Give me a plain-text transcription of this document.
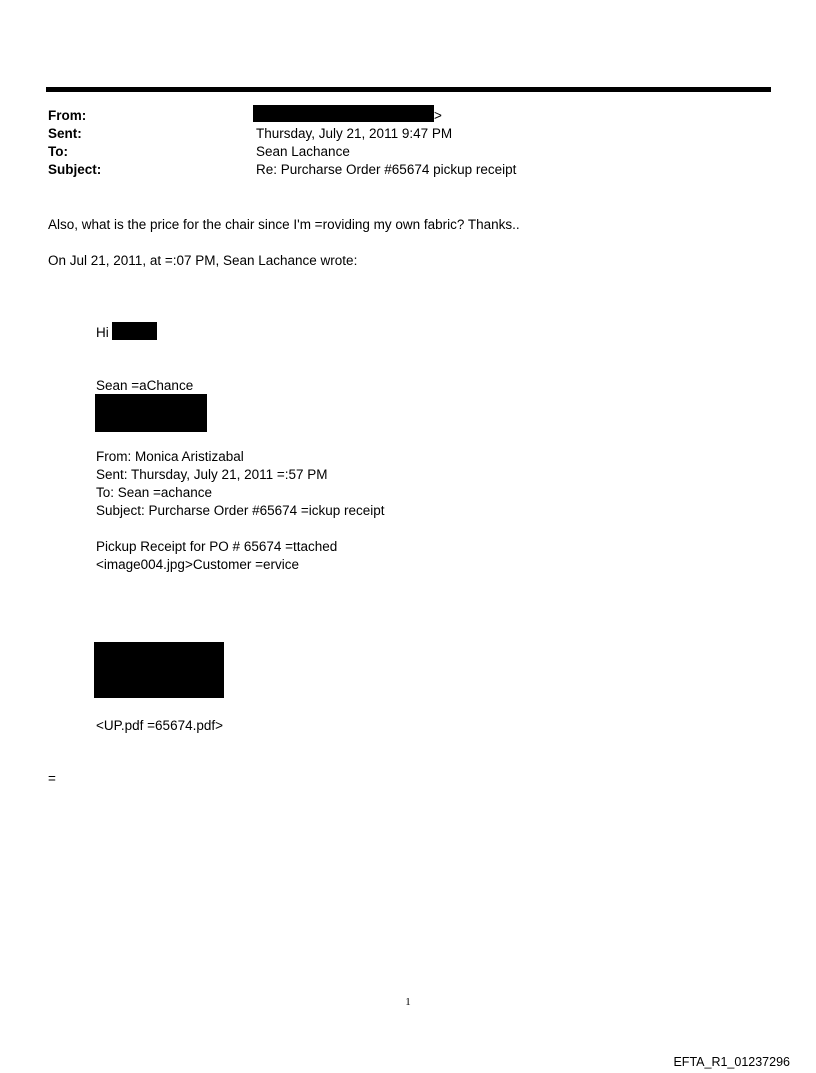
From:	>
Sent:	Thursday, July 21, 2011 9:47 PM
To:	Sean Lachance
Subject:	Re: Purcharse Order #65674 pickup receipt
Also, what is the price for the chair since I'm =roviding my own fabric? Thanks..
On Jul 21, 2011, at =:07 PM, Sean Lachance wrote:
Hi
Sean =aChance
From: Monica Aristizabal
Sent: Thursday, July 21, 2011 =:57 PM
To: Sean =achance
Subject: Purcharse Order #65674 =ickup receipt
Pickup Receipt for PO # 65674 =ttached
<image004.jpg>Customer =ervice
<UP.pdf =65674.pdf>
=
1
EFTA_R1_01237296
